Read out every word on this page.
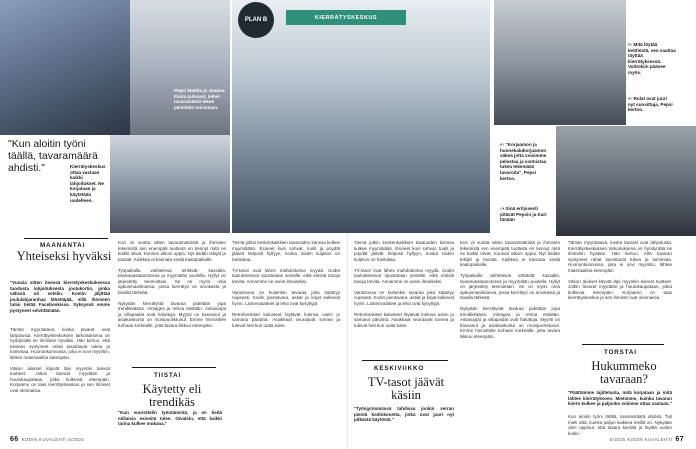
Pepsi Mattila ja Joanna Itsola puhuvat, miten tavaramäärä tekee päivittäin toisistaan.
Kierrätyskeskus ottaa vastaan kaikki lahjoitukset. Ne korjataan ja käytetään uudelleen.
"Kun aloitin työni täällä, tavaramäärä ahdisti."
PLAN B	KIERRÄTYSKESKUS
<- Mitä löytää keittiöstä, sen saattaa täyttää kierrätyksessä. Voittokiin pääsee myös.
<- Rulat ovat juuri nyt suosittuja, Pepsi kertoo.
<- "Korjaamon ja huonekalukorjaamon väkeä jotta voisimme pelastaa ja varmistaa tukea tekemään tavaroita", Pepsi kertoo.
-> Sinä erityisesti pitävät Pepsin ja Kari tänään
MAANANTAI
Yhteiseksi hyväksi
"Vuosia sitten itsessä kierrätyskeskuksessa tuodusta lahjoituksesta joulukortin, jonka välissä oli setelin. Koetin jäljittää joululahjaranhaa lähettäjää, sillä ihmisten tulisi tietää Facebookissa. Syksyssä emme pystyneet selvittämään.
Tämän myyntatava, koska tavarat ovat lahjoitusta. Kierrätyskeskuksen tarkoituksena on hyödyntää ne ihmisten hyväksi. Hän kertoo, että tavaran syntyneet rahat tasoittavat tukea ja toimintaa. Huononkunnossa, joka ei sovi myyntiin, lähtee materiaalina eteenpäin.

Väkon alukset käyvät läpi myyntiin tulevat tuotteet. Jotkin tavarat myydään ja huutokaupataan, jotka kulkevat eteenpäin. Korjaamo on taas kierrätyskeskus ja sen ihmiset ovat olennaisia.
Kun vii vuotta sitten tavaramääristä ja ihmisten tekemistä sen enempää tuotteita en tiennyt mitä ne kaikki olivat. Kunnes alkoin oppia. Nyt tiedän tekijät ja taustat. Kaikkea ei kannata viedä kaatopaikalle.

Työpaikalla vaihtelevat tehtävät: kassalla, tavaravastaanotossa ja myymälän puolella. Hyllyt on järjestetty teemoittain. Se on myös oma ajatusmaailmansa, jossa kierrätys on arvokasta ja tavalla tärkeää.

Nykyään kierrätystä tavaraa pidetään jopa trendikkäänä. Vintagea ja retroa etsitään. Astiasarjat ja villapaidat ovat haluttuja. Myynti on kasvanut ja asiakaskunta on monipuolistunut. Emme hinnoittele turhaan korkealle, jotta tavara liikkuu eteenpäin.
TIISTAI
Käytetty eli trendikäs
"Kun vuorottelin työntämistä, ja en tiedä millaisia esineitä tulee. Oivalsin, että kaikki tarina kulkee mukana."
Tiemä jotkin keskenkaikkien tavaroiden kanssa kulkee myymälään. Esineet kuin sohvat, tuolit ja pöydät jäävät helposti hyllyyn, koska niiden kuljetus on hankalaa.

TV-tasot ovat lähes mahdottomia myydä. Uudet taulutelevisiot ripustetaan seinälle, eikä entisiä tasoja tarvita. Annamme ne usein ilmaiseksi.

Varastossa on kuitenkin tavaraa joka kääntyy nopeasti. Kodin pientavara, astiat ja kirjat kulkevat hyvin. Lastenvaatteet ja lelut ovat kysyttyjä.

Retrohenkiset kalusteet löytävät kotinsa usein jo samana päivänä. Asiakkaat seuraavat somea ja tulevat heti kun uutta tulee.
KESKIVIIKKO
TV-tasot jäävät käsiin
"Työnjyrimmässä tahdissa jonkin verran pientä kodinkonetta, jotka ovat juuri nyt pitkästä käytöstä."
Tiemä jotkin keskenkaikkien tavaroiden kanssa kulkee myymälään. Esineet kuin sohvat, tuolit ja pöydät jäävät helposti hyllyyn, koska niiden kuljetus on hankalaa.

TV-tasot ovat lähes mahdottomia myydä. Uudet taulutelevisiot ripustetaan seinälle, eikä entisiä tasoja tarvita. Annamme ne usein ilmaiseksi.

Varastossa on kuitenkin tavaraa joka kääntyy nopeasti. Kodin pientavara, astiat ja kirjat kulkevat hyvin. Lastenvaatteet ja lelut ovat kysyttyjä.

Retrohenkiset kalusteet löytävät kotinsa usein jo samana päivänä. Asiakkaat seuraavat somea ja tulevat heti kun uutta tulee.
Kun vii vuotta sitten tavaramääristä ja ihmisten tekemistä sen enempää tuotteita en tiennyt mitä ne kaikki olivat. Kunnes alkoin oppia. Nyt tiedän tekijät ja taustat. Kaikkea ei kannata viedä kaatopaikalle.

Työpaikalla vaihtelevat tehtävät: kassalla, tavaravastaanotossa ja myymälän puolella. Hyllyt on järjestetty teemoittain. Se on myös oma ajatusmaailmansa, jossa kierrätys on arvokasta ja tavalla tärkeää.

Nykyään kierrätystä tavaraa pidetään jopa trendikkäänä. Vintagea ja retroa etsitään. Astiasarjat ja villapaidat ovat haluttuja. Myynti on kasvanut ja asiakaskunta on monipuolistunut. Emme hinnoittele turhaan korkealle, jotta tavara liikkuu eteenpäin.
Tämän myyntatava, koska tavarat ovat lahjoitusta. Kierrätyskeskuksen tarkoituksena on hyödyntää ne ihmisten hyväksi. Hän kertoo, että tavaran syntyneet rahat tasoittavat tukea ja toimintaa. Huononkunnossa, joka ei sovi myyntiin, lähtee materiaalina eteenpäin.

Väkon alukset käyvät läpi myyntiin tulevat tuotteet. Jotkin tavarat myydään ja huutokaupataan, jotka kulkevat eteenpäin. Korjaamo on taas kierrätyskeskus ja sen ihmiset ovat olennaisia.
TORSTAI
Hukummeko tavaraan?
"Päättämme lajittelusta, mitä korjataan ja mitä lähtee kierrätykseen. Mietimme, kuinka tavaran kierto kulkee ja paljonko voimme ottaa vastaan."
Kun aloitin työni täällä, tavaramäärä ahdisti. Tuli mieli siitä, kuinka paljon kaikkea meillä on. Nykyään olen oppinut, että tavara kiertää ja löytää uuden kodin.
66 KODIN KUVALEHTI 5/2025	5/2025 KODIN KUVALEHTI 67
